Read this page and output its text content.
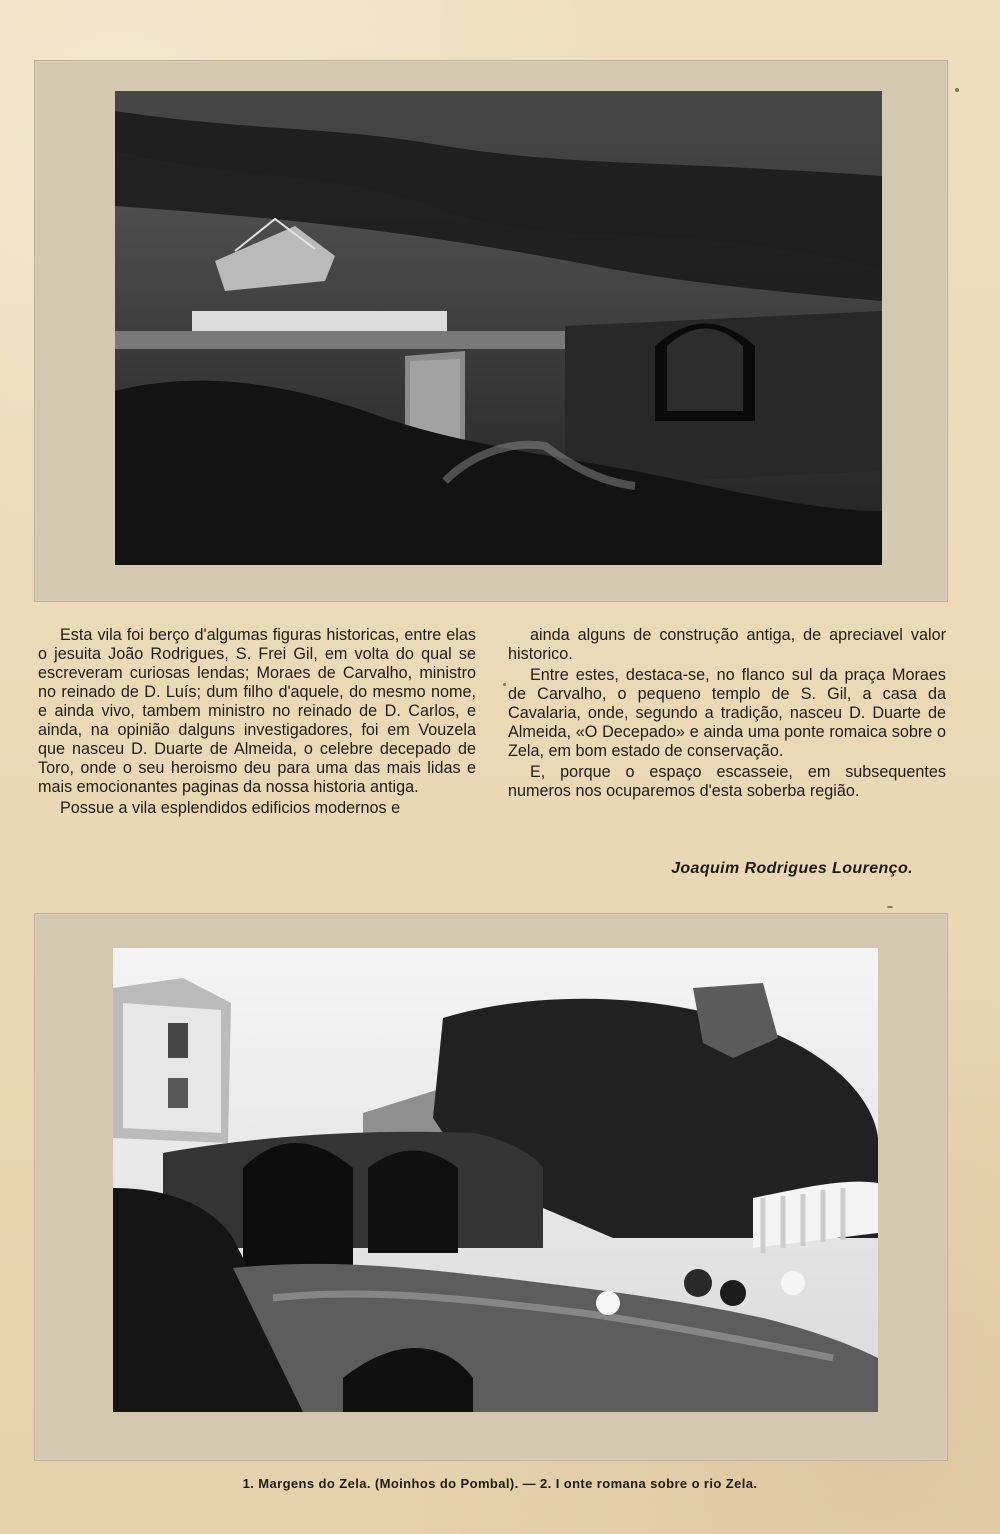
Esta vila foi berço d'algumas figuras historicas, entre elas o jesuita João Rodrigues, S. Frei Gil, em volta do qual se escreveram curiosas lendas; Moraes de Carvalho, ministro no reinado de D. Luís; dum filho d'aquele, do mesmo nome, e ainda vivo, tambem ministro no reinado de D. Carlos, e ainda, na opinião dalguns investigadores, foi em Vouzela que nasceu D. Duarte de Almeida, o celebre decepado de Toro, onde o seu heroismo deu para uma das mais lidas e mais emocionantes paginas da nossa historia antiga.

Possue a vila esplendidos edificios modernos e

ainda alguns de construção antiga, de apreciavel valor historico.

Entre estes, destaca-se, no flanco sul da praça Moraes de Carvalho, o pequeno templo de S. Gil, a casa da Cavalaria, onde, segundo a tradição, nasceu D. Duarte de Almeida, «O Decepado» e ainda uma ponte romaica sobre o Zela, em bom estado de conservação.

E, porque o espaço escasseie, em subsequentes numeros nos ocuparemos d'esta soberba região.

Joaquim Rodrigues Lourenço.
1. Margens do Zela. (Moinhos do Pombal). — 2. I onte romana sobre o rio Zela.
